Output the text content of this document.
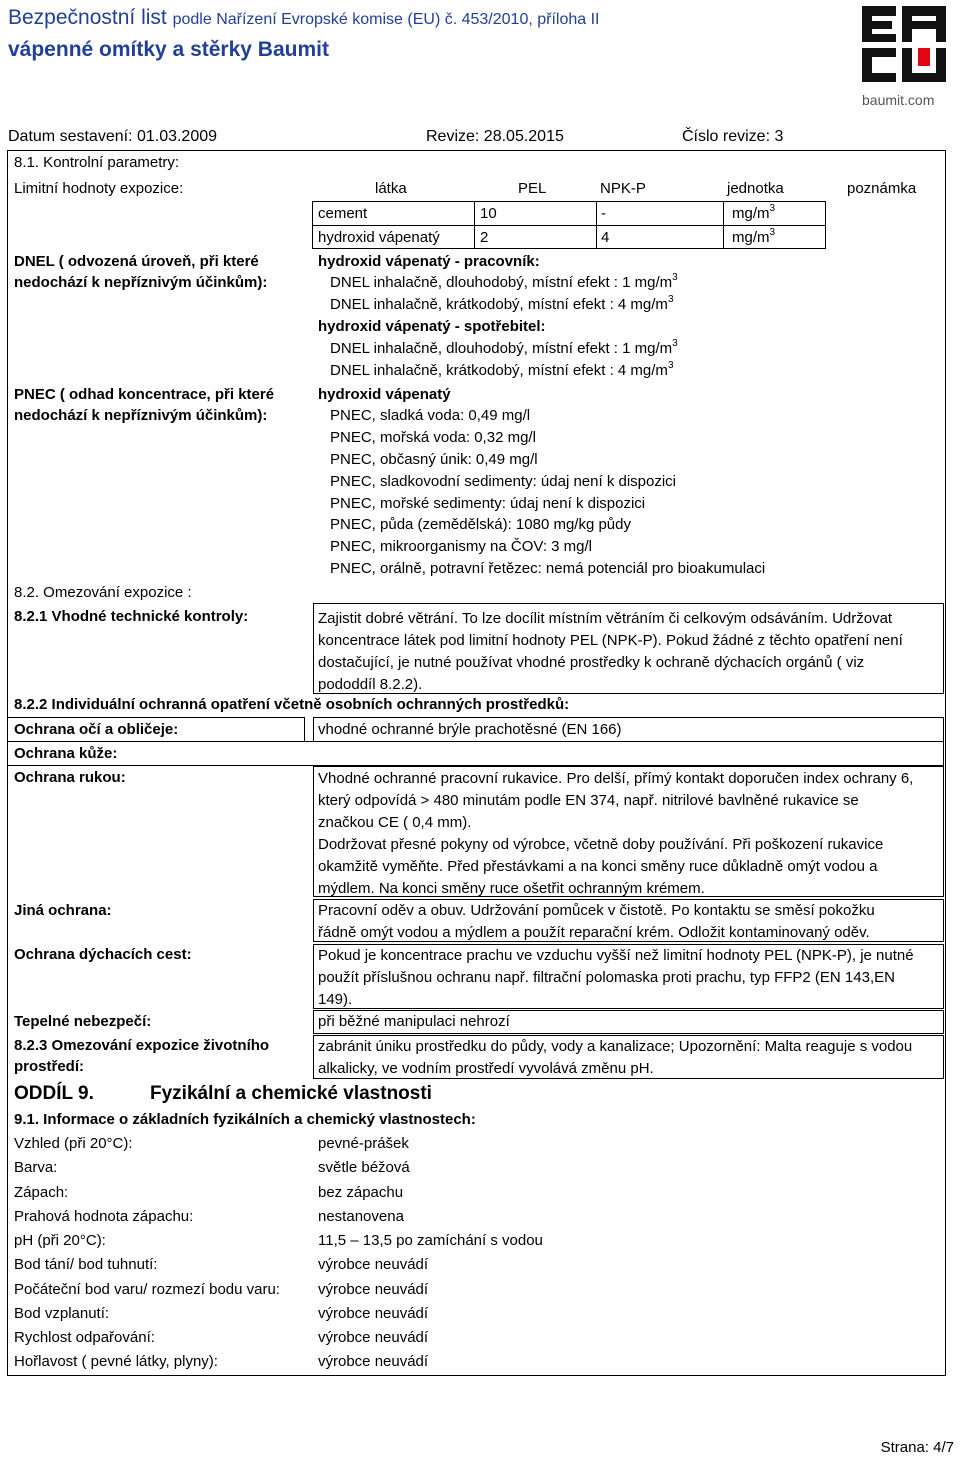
Bezpečnostní list podle Nařízení Evropské komise (EU) č. 453/2010, příloha II
vápenné omítky a stěrky Baumit
baumit.com
Datum sestavení: 01.03.2009	Revize: 28.05.2015	Číslo revize: 3
8.1. Kontrolní parametry:
Limitní hodnoty expozice:	látka	PEL	NPK-P	jednotka	poznámka
cement	10	-	$mg/m^3$
hydroxid vápenatý	2	4	$mg/m^3$
DNEL ( odvozená úroveň, při které
nedochází k nepříznivým účinkům):
hydroxid vápenatý - pracovník:
DNEL inhalačně, dlouhodobý, místní efekt : 1 $mg/m^3$
DNEL inhalačně, krátkodobý, místní efekt : 4 $mg/m^3$
hydroxid vápenatý - spotřebitel:
DNEL inhalačně, dlouhodobý, místní efekt : 1 $mg/m^3$
DNEL inhalačně, krátkodobý, místní efekt : 4 $mg/m^3$
PNEC ( odhad koncentrace, při které
nedochází k nepříznivým účinkům):
hydroxid vápenatý
PNEC, sladká voda: 0,49 mg/l
PNEC, mořská voda: 0,32 mg/l
PNEC, občasný únik: 0,49 mg/l
PNEC, sladkovodní sedimenty: údaj není k dispozici
PNEC, mořské sedimenty: údaj není k dispozici
PNEC, půda (zemědělská): 1080 mg/kg půdy
PNEC, mikroorganismy na ČOV: 3 mg/l
PNEC, orálně, potravní řetězec: nemá potenciál pro bioakumulaci
8.2. Omezování expozice :
8.2.1 Vhodné technické kontroly:	Zajistit dobré větrání. To lze docílit místním větráním či celkovým odsáváním. Udržovat
koncentrace látek pod limitní hodnoty PEL (NPK-P). Pokud žádné z těchto opatření není
dostačující, je nutné používat vhodné prostředky k ochraně dýchacích orgánů ( viz
pododdíl 8.2.2).
8.2.2 Individuální ochranná opatření včetně osobních ochranných prostředků:
Ochrana očí a obličeje:	vhodné ochranné brýle prachotěsné (EN 166)
Ochrana kůže:
Ochrana rukou:	Vhodné ochranné pracovní rukavice. Pro delší, přímý kontakt doporučen index ochrany 6,
který odpovídá > 480 minutám podle EN 374, např. nitrilové bavlněné rukavice se
značkou CE ( 0,4 mm).
Dodržovat přesné pokyny od výrobce, včetně doby používání. Při poškození rukavice
okamžitě vyměňte. Před přestávkami a na konci směny ruce důkladně omýt vodou a
mýdlem. Na konci směny ruce ošetřit ochranným krémem.
Jiná ochrana:	Pracovní oděv a obuv. Udržování pomůcek v čistotě. Po kontaktu se směsí pokožku
řádně omýt vodou a mýdlem a použít reparační krém. Odložit kontaminovaný oděv.
Ochrana dýchacích cest:	Pokud je koncentrace prachu ve vzduchu vyšší než limitní hodnoty PEL (NPK-P), je nutné
použít příslušnou ochranu např. filtrační polomaska proti prachu, typ FFP2 (EN 143,EN
149).
Tepelné nebezpečí:	při běžné manipulaci nehrozí
8.2.3 Omezování expozice životního
prostředí:
zabránit úniku prostředku do půdy, vody a kanalizace; Upozornění: Malta reaguje s vodou
alkalicky, ve vodním prostředí vyvolává změnu pH.
ODDÍL 9.	Fyzikální a chemické vlastnosti
9.1. Informace o základních fyzikálních a chemický vlastnostech:
Vzhled (při 20°C):	pevné-prášek
Barva:	světle béžová
Zápach:	bez zápachu
Prahová hodnota zápachu:	nestanovena
pH (při 20°C):	11,5 – 13,5 po zamíchání s vodou
Bod tání/ bod tuhnutí:	výrobce neuvádí
Počáteční bod varu/ rozmezí bodu varu:	výrobce neuvádí
Bod vzplanutí:	výrobce neuvádí
Rychlost odpařování:	výrobce neuvádí
Hořlavost ( pevné látky, plyny):	výrobce neuvádí
Strana: 4/7
